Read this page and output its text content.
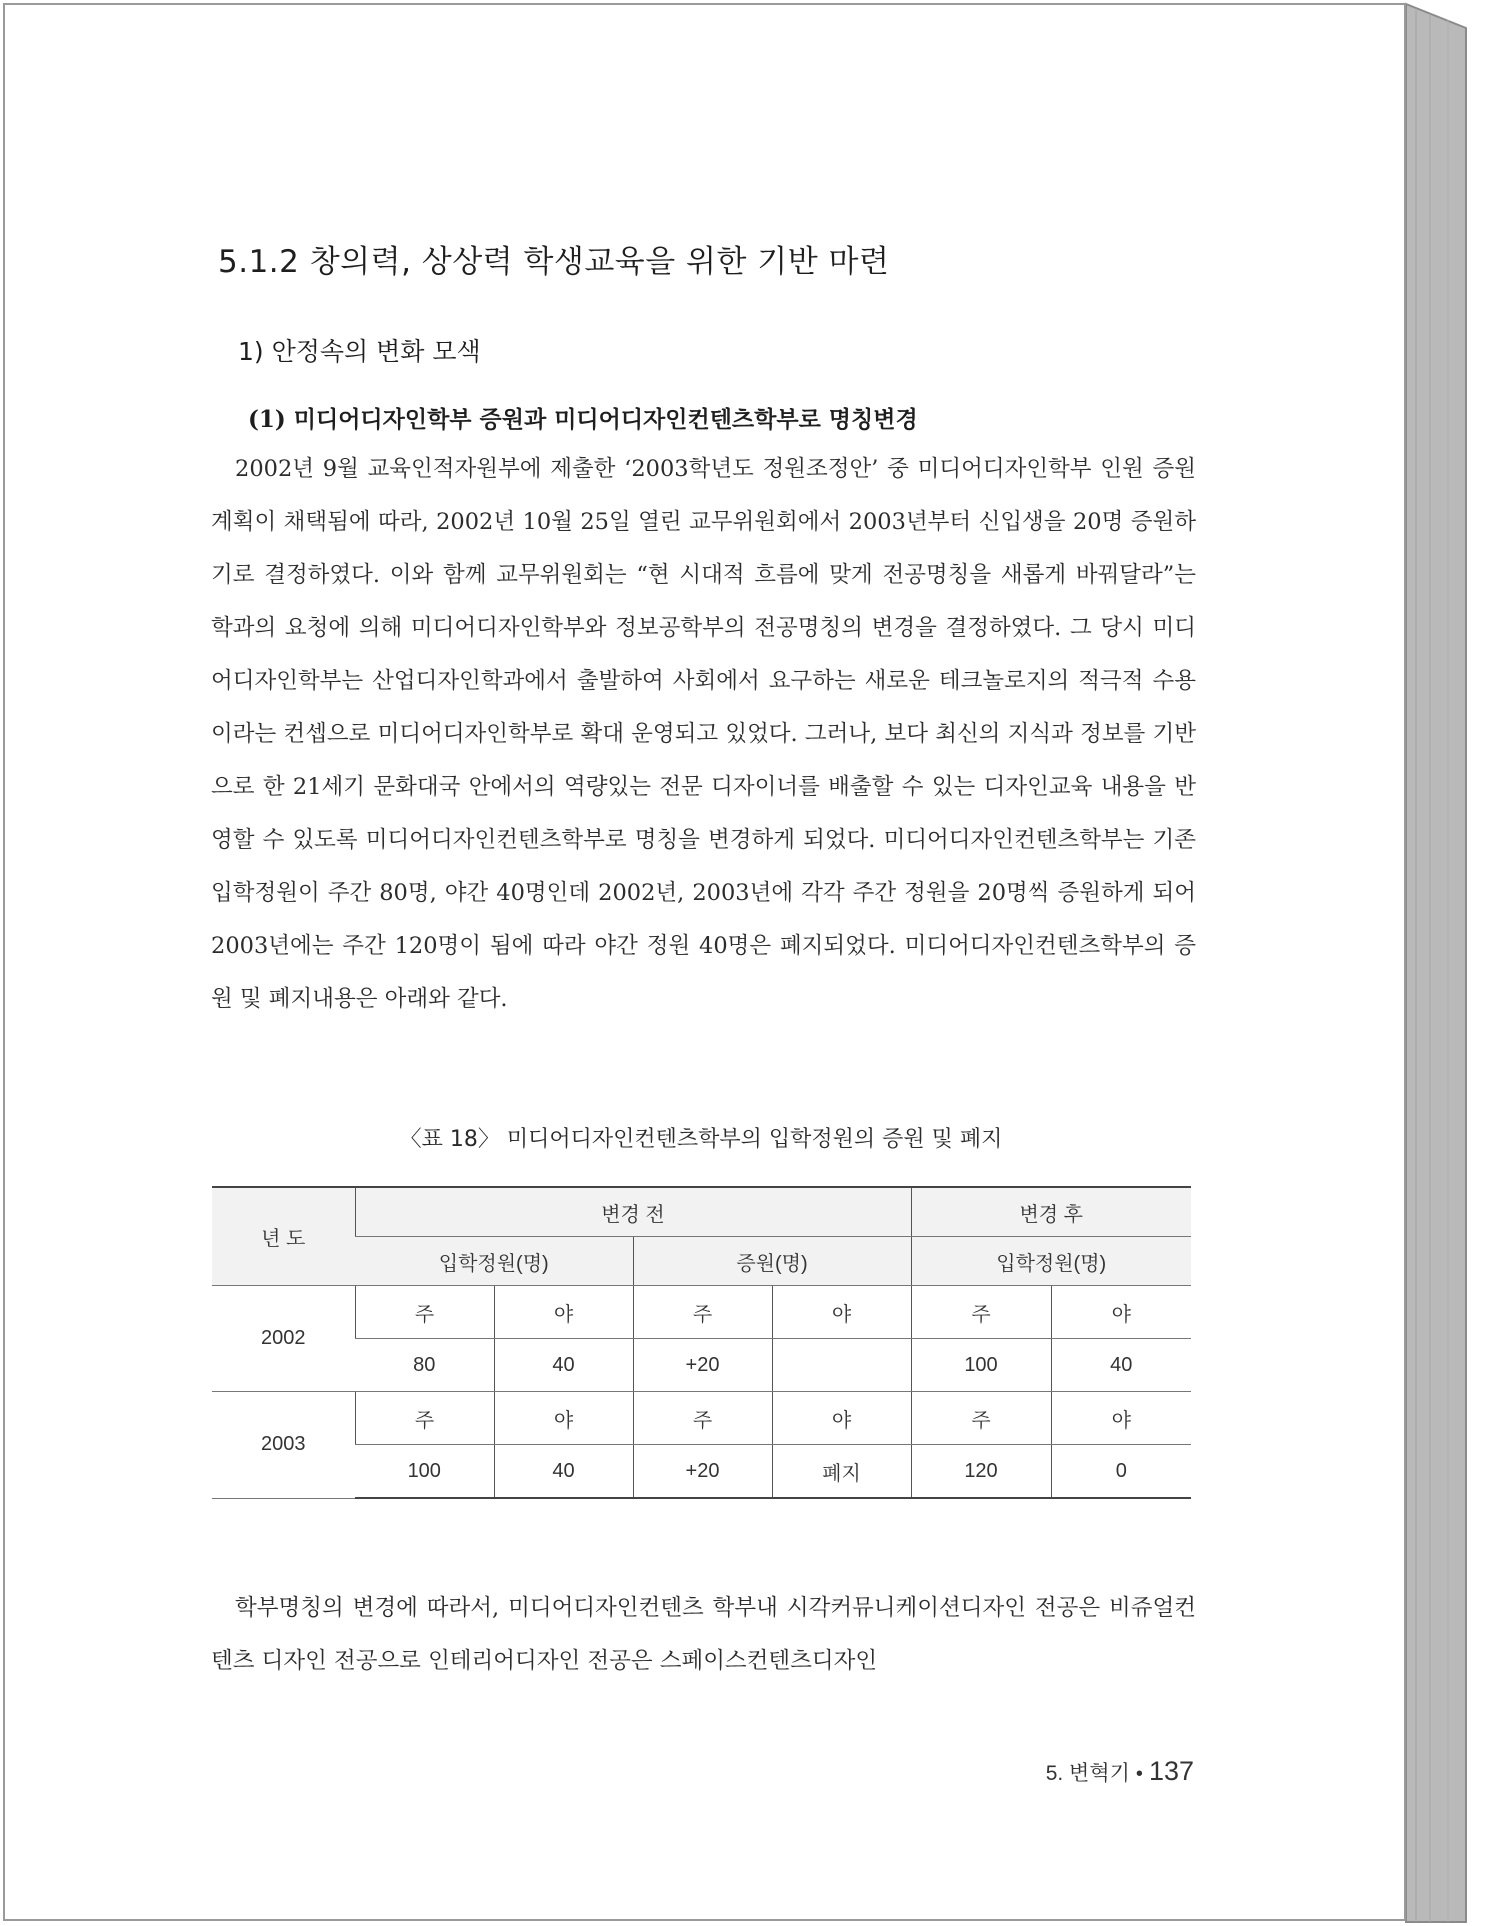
5.1.2 창의력, 상상력 학생교육을 위한 기반 마련
1) 안정속의 변화 모색
(1) 미디어디자인학부 증원과 미디어디자인컨텐츠학부로 명칭변경

2002년 9월 교육인적자원부에 제출한 ‘2003학년도 정원조정안’ 중 미디어디자인학부 인원 증원계획이 채택됨에 따라, 2002년 10월 25일 열린 교무위원회에서 2003년부터 신입생을 20명 증원하기로 결정하였다. 이와 함께 교무위원회는 “현 시대적 흐름에 맞게 전공명칭을 새롭게 바꿔달라”는 학과의 요청에 의해 미디어디자인학부와 정보공학부의 전공명칭의 변경을 결정하였다. 그 당시 미디어디자인학부는 산업디자인학과에서 출발하여 사회에서 요구하는 새로운 테크놀로지의 적극적 수용이라는 컨셉으로 미디어디자인학부로 확대 운영되고 있었다. 그러나, 보다 최신의 지식과 정보를 기반으로 한 21세기 문화대국 안에서의 역량있는 전문 디자이너를 배출할 수 있는 디자인교육 내용을 반영할 수 있도록 미디어디자인컨텐츠학부로 명칭을 변경하게 되었다. 미디어디자인컨텐츠학부는 기존 입학정원이 주간 80명, 야간 40명인데 2002년, 2003년에 각각 주간 정원을 20명씩 증원하게 되어 2003년에는 주간 120명이 됨에 따라 야간 정원 40명은 폐지되었다. 미디어디자인컨텐츠학부의 증원 및 폐지내용은 아래와 같다.

〈표 18〉 미디어디자인컨텐츠학부의 입학정원의 증원 및 폐지

년 도	변경 전				변경 후	
	입학정원(명)		증원(명)		입학정원(명)	
2002	주	야	주	야	주	야
	80	40	+20		100	40
2003	주	야	주	야	주	야
	100	40	+20	폐지	120	0

학부명칭의 변경에 따라서, 미디어디자인컨텐츠 학부내 시각커뮤니케이션디자인 전공은 비쥬얼컨텐츠 디자인 전공으로 인테리어디자인 전공은 스페이스컨텐츠디자인

5. 변혁기 • 137
